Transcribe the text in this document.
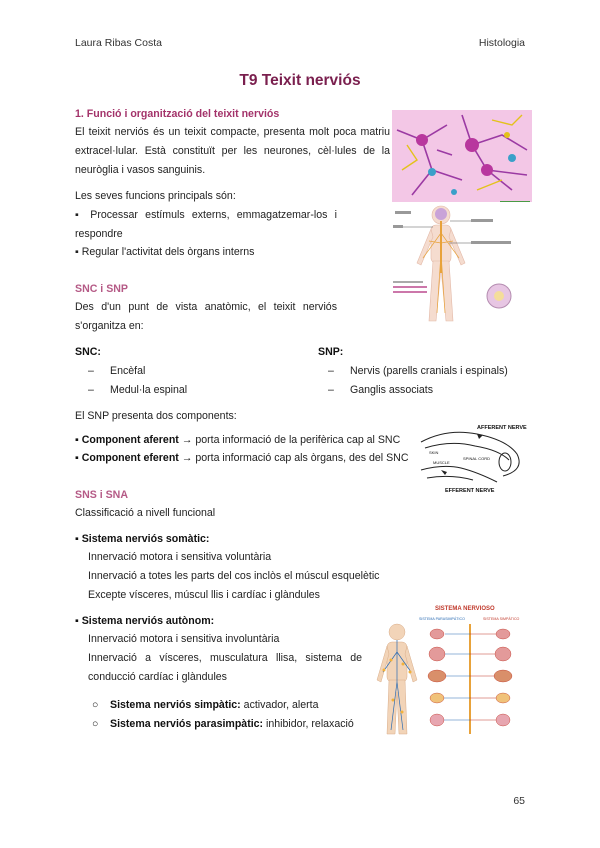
Laura Ribas Costa	Histologia
T9 Teixit nerviós
1. Funció i organització del teixit nerviós

El teixit nerviós és un teixit compacte, presenta molt poca matriu extracel·lular. Està constituït per les neurones, cèl·lules de la neuròglia i vasos sanguinis.

Les seves funcions principals són:

▪ Processar estímuls externs, emmagatzemar-los i respondre

▪ Regular l'activitat dels òrgans interns
SNC i SNP

Des d'un punt de vista anatòmic, el teixit nerviós s'organitza en:

SNC:
– Encèfal
– Medul·la espinal
SNP:
– Nervis (parells cranials i espinals)
– Ganglis associats
El SNP presenta dos components:
▪ Component aferent → porta informació de la perifèrica cap al SNC
▪ Component eferent → porta informació cap als òrgans, des del SNC
AFFERENT NERVE
EFFERENT NERVE
SKIN
MUSCLE
SPINAL CORD
SNS i SNA
Classificació a nivell funcional
▪ Sistema nerviós somàtic:
Innervació motora i sensitiva voluntària
Innervació a totes les parts del cos inclòs el múscul esquelètic
Excepte vísceres, múscul llis i cardíac i glàndules
▪ Sistema nerviós autònom:
Innervació motora i sensitiva involuntària

Innervació a vísceres, musculatura llisa, sistema de conducció cardíac i glàndules

○ Sistema nerviós simpàtic: activador, alerta
○ Sistema nerviós parasimpàtic: inhibidor, relaxació
SISTEMA NERVIOSO
SISTEMA PARASIMPÁTICO	SISTEMA SIMPÁTICO
65
